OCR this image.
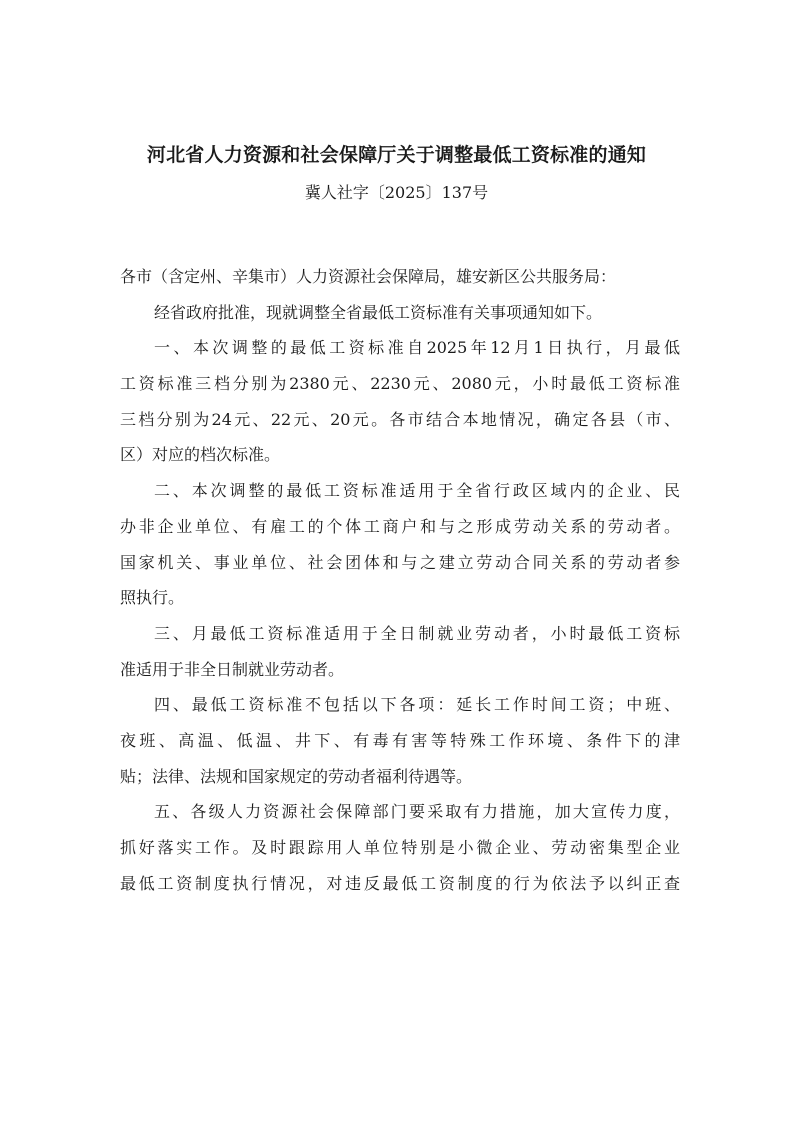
河北省人力资源和社会保障厅关于调整最低工资标准的通知
冀人社字〔2025〕137号
各市（含定州、辛集市）人力资源社会保障局，雄安新区公共服务局：
经省政府批准，现就调整全省最低工资标准有关事项通知如下。
一、本次调整的最低工资标准自2025年12月1日执行，月最低
工资标准三档分别为2380元、2230元、2080元，小时最低工资标准
三档分别为24元、22元、20元。各市结合本地情况，确定各县（市、
区）对应的档次标准。
二、本次调整的最低工资标准适用于全省行政区域内的企业、民
办非企业单位、有雇工的个体工商户和与之形成劳动关系的劳动者。
国家机关、事业单位、社会团体和与之建立劳动合同关系的劳动者参
照执行。
三、月最低工资标准适用于全日制就业劳动者，小时最低工资标
准适用于非全日制就业劳动者。
四、最低工资标准不包括以下各项：延长工作时间工资；中班、
夜班、高温、低温、井下、有毒有害等特殊工作环境、条件下的津
贴；法律、法规和国家规定的劳动者福利待遇等。
五、各级人力资源社会保障部门要采取有力措施，加大宣传力度，
抓好落实工作。及时跟踪用人单位特别是小微企业、劳动密集型企业
最低工资制度执行情况，对违反最低工资制度的行为依法予以纠正查
